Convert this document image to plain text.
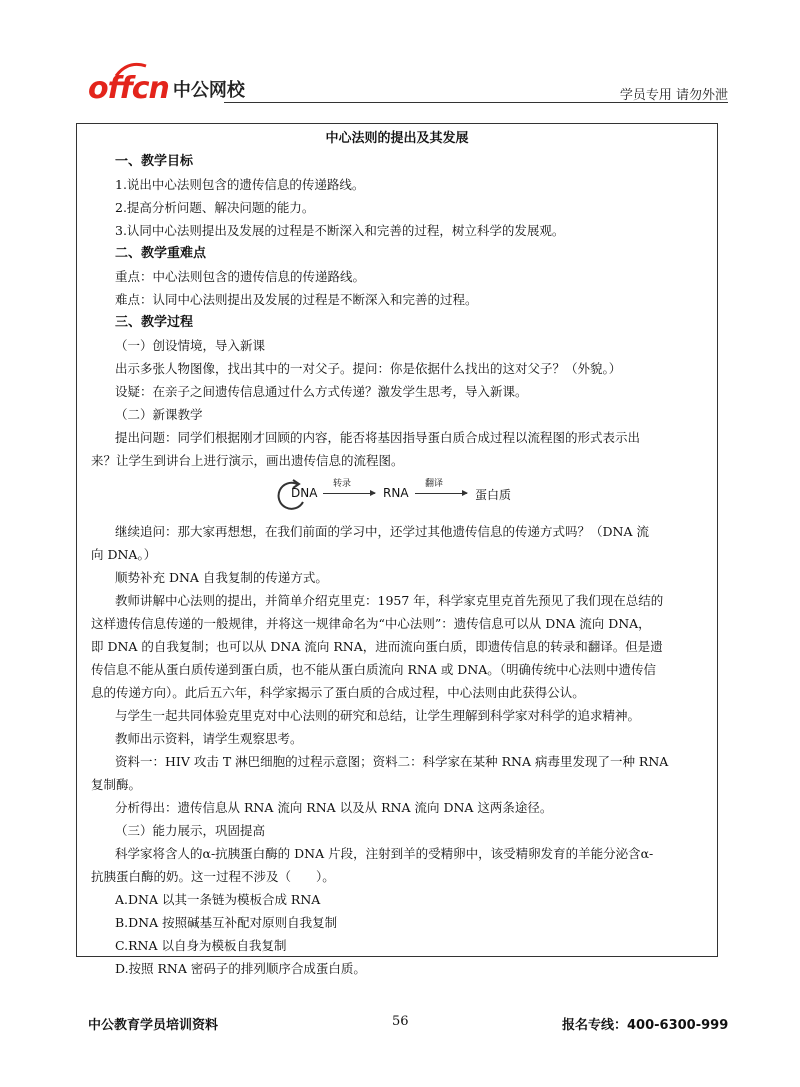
offcn 中公网校	学员专用 请勿外泄
中心法则的提出及其发展
一、教学目标
1.说出中心法则包含的遗传信息的传递路线。
2.提高分析问题、解决问题的能力。
3.认同中心法则提出及发展的过程是不断深入和完善的过程，树立科学的发展观。
二、教学重难点
重点：中心法则包含的遗传信息的传递路线。
难点：认同中心法则提出及发展的过程是不断深入和完善的过程。
三、教学过程
（一）创设情境，导入新课
出示多张人物图像，找出其中的一对父子。提问：你是依据什么找出的这对父子？（外貌。）
设疑：在亲子之间遗传信息通过什么方式传递？激发学生思考，导入新课。
（二）新课教学
提出问题：同学们根据刚才回顾的内容，能否将基因指导蛋白质合成过程以流程图的形式表示出
来？让学生到讲台上进行演示，画出遗传信息的流程图。
DNA
转录
RNA
翻译
蛋白质
继续追问：那大家再想想，在我们前面的学习中，还学过其他遗传信息的传递方式吗？（DNA 流
向 DNA。）
顺势补充 DNA 自我复制的传递方式。
教师讲解中心法则的提出，并简单介绍克里克：1957 年，科学家克里克首先预见了我们现在总结的
这样遗传信息传递的一般规律，并将这一规律命名为“中心法则”：遗传信息可以从 DNA 流向 DNA，
即 DNA 的自我复制；也可以从 DNA 流向 RNA，进而流向蛋白质，即遗传信息的转录和翻译。但是遗
传信息不能从蛋白质传递到蛋白质，也不能从蛋白质流向 RNA 或 DNA。（明确传统中心法则中遗传信
息的传递方向）。此后五六年，科学家揭示了蛋白质的合成过程，中心法则由此获得公认。
与学生一起共同体验克里克对中心法则的研究和总结，让学生理解到科学家对科学的追求精神。
教师出示资料，请学生观察思考。
资料一：HIV 攻击 T 淋巴细胞的过程示意图；资料二：科学家在某种 RNA 病毒里发现了一种 RNA
复制酶。
分析得出：遗传信息从 RNA 流向 RNA 以及从 RNA 流向 DNA 这两条途径。
（三）能力展示，巩固提高
科学家将含人的α-抗胰蛋白酶的 DNA 片段，注射到羊的受精卵中，该受精卵发育的羊能分泌含α-
抗胰蛋白酶的奶。这一过程不涉及（　　）。
A.DNA 以其一条链为模板合成 RNA
B.DNA 按照碱基互补配对原则自我复制
C.RNA 以自身为模板自我复制
D.按照 RNA 密码子的排列顺序合成蛋白质。
中公教育学员培训资料	56	报名专线：400-6300-999
